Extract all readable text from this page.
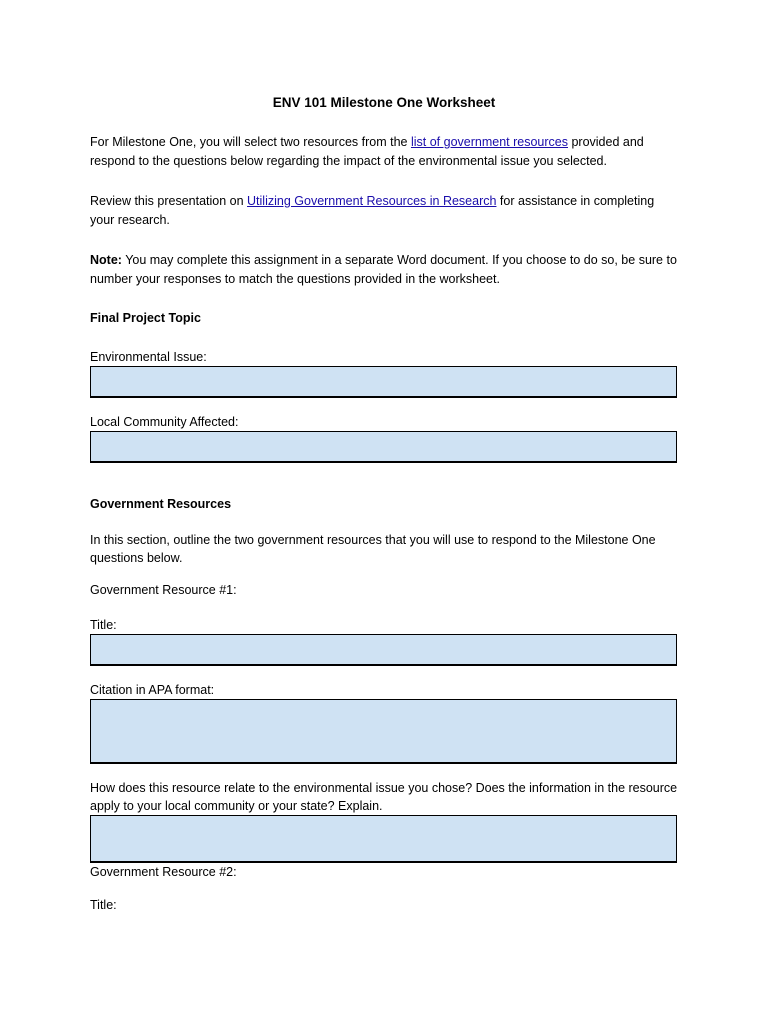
ENV 101 Milestone One Worksheet

For Milestone One, you will select two resources from the list of government resources provided and respond to the questions below regarding the impact of the environmental issue you selected.

Review this presentation on Utilizing Government Resources in Research for assistance in completing your research.

Note: You may complete this assignment in a separate Word document. If you choose to do so, be sure to number your responses to match the questions provided in the worksheet.

Final Project Topic
Environmental Issue:
Local Community Affected:
Government Resources

In this section, outline the two government resources that you will use to respond to the Milestone One questions below.

Government Resource #1:
Title:
Citation in APA format:

How does this resource relate to the environmental issue you chose? Does the information in the resource apply to your local community or your state? Explain.

Government Resource #2:
Title:
